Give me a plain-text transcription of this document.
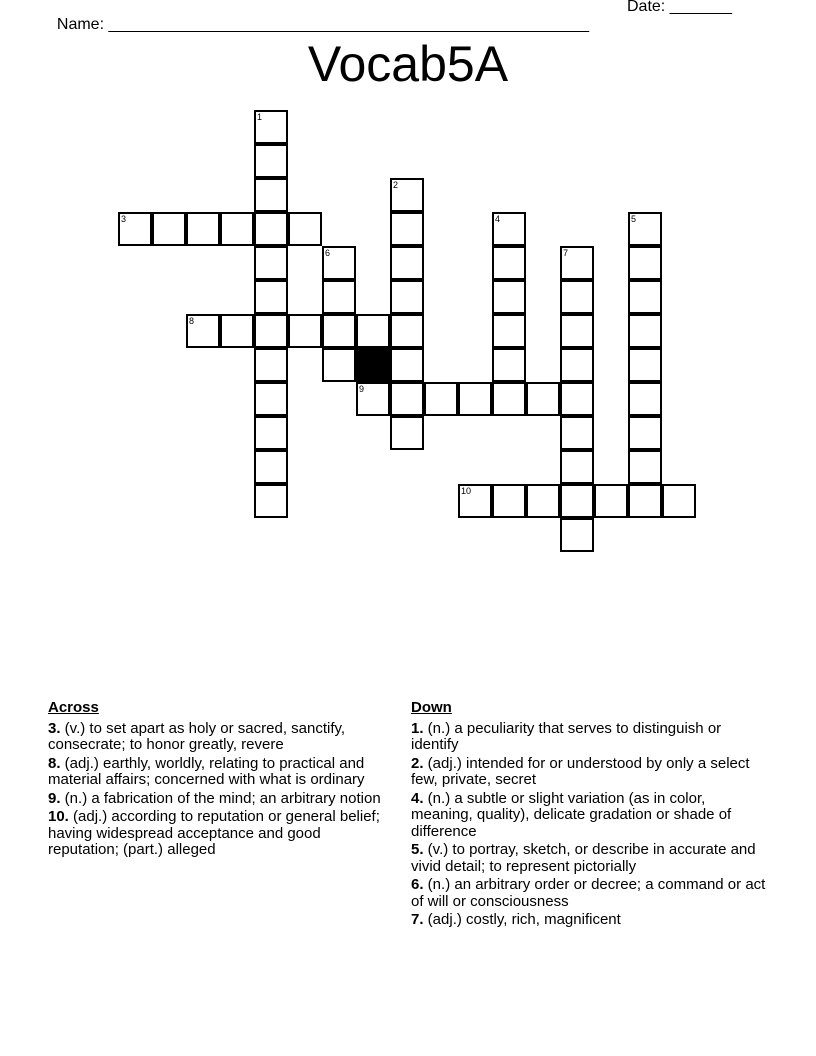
Name: ______________________________________________________

Date: _______

Vocab5A
1
2
3	4	5
6	7
8
9
10
Across
3. (v.) to set apart as holy or sacred, sanctify, consecrate; to honor greatly, revere
8. (adj.) earthly, worldly, relating to practical and material affairs; concerned with what is ordinary
9. (n.) a fabrication of the mind; an arbitrary notion
10. (adj.) according to reputation or general belief; having widespread acceptance and good reputation; (part.) alleged
Down
1. (n.) a peculiarity that serves to distinguish or identify
2. (adj.) intended for or understood by only a select few, private, secret
4. (n.) a subtle or slight variation (as in color, meaning, quality), delicate gradation or shade of difference
5. (v.) to portray, sketch, or describe in accurate and vivid detail; to represent pictorially
6. (n.) an arbitrary order or decree; a command or act of will or consciousness
7. (adj.) costly, rich, magnificent
